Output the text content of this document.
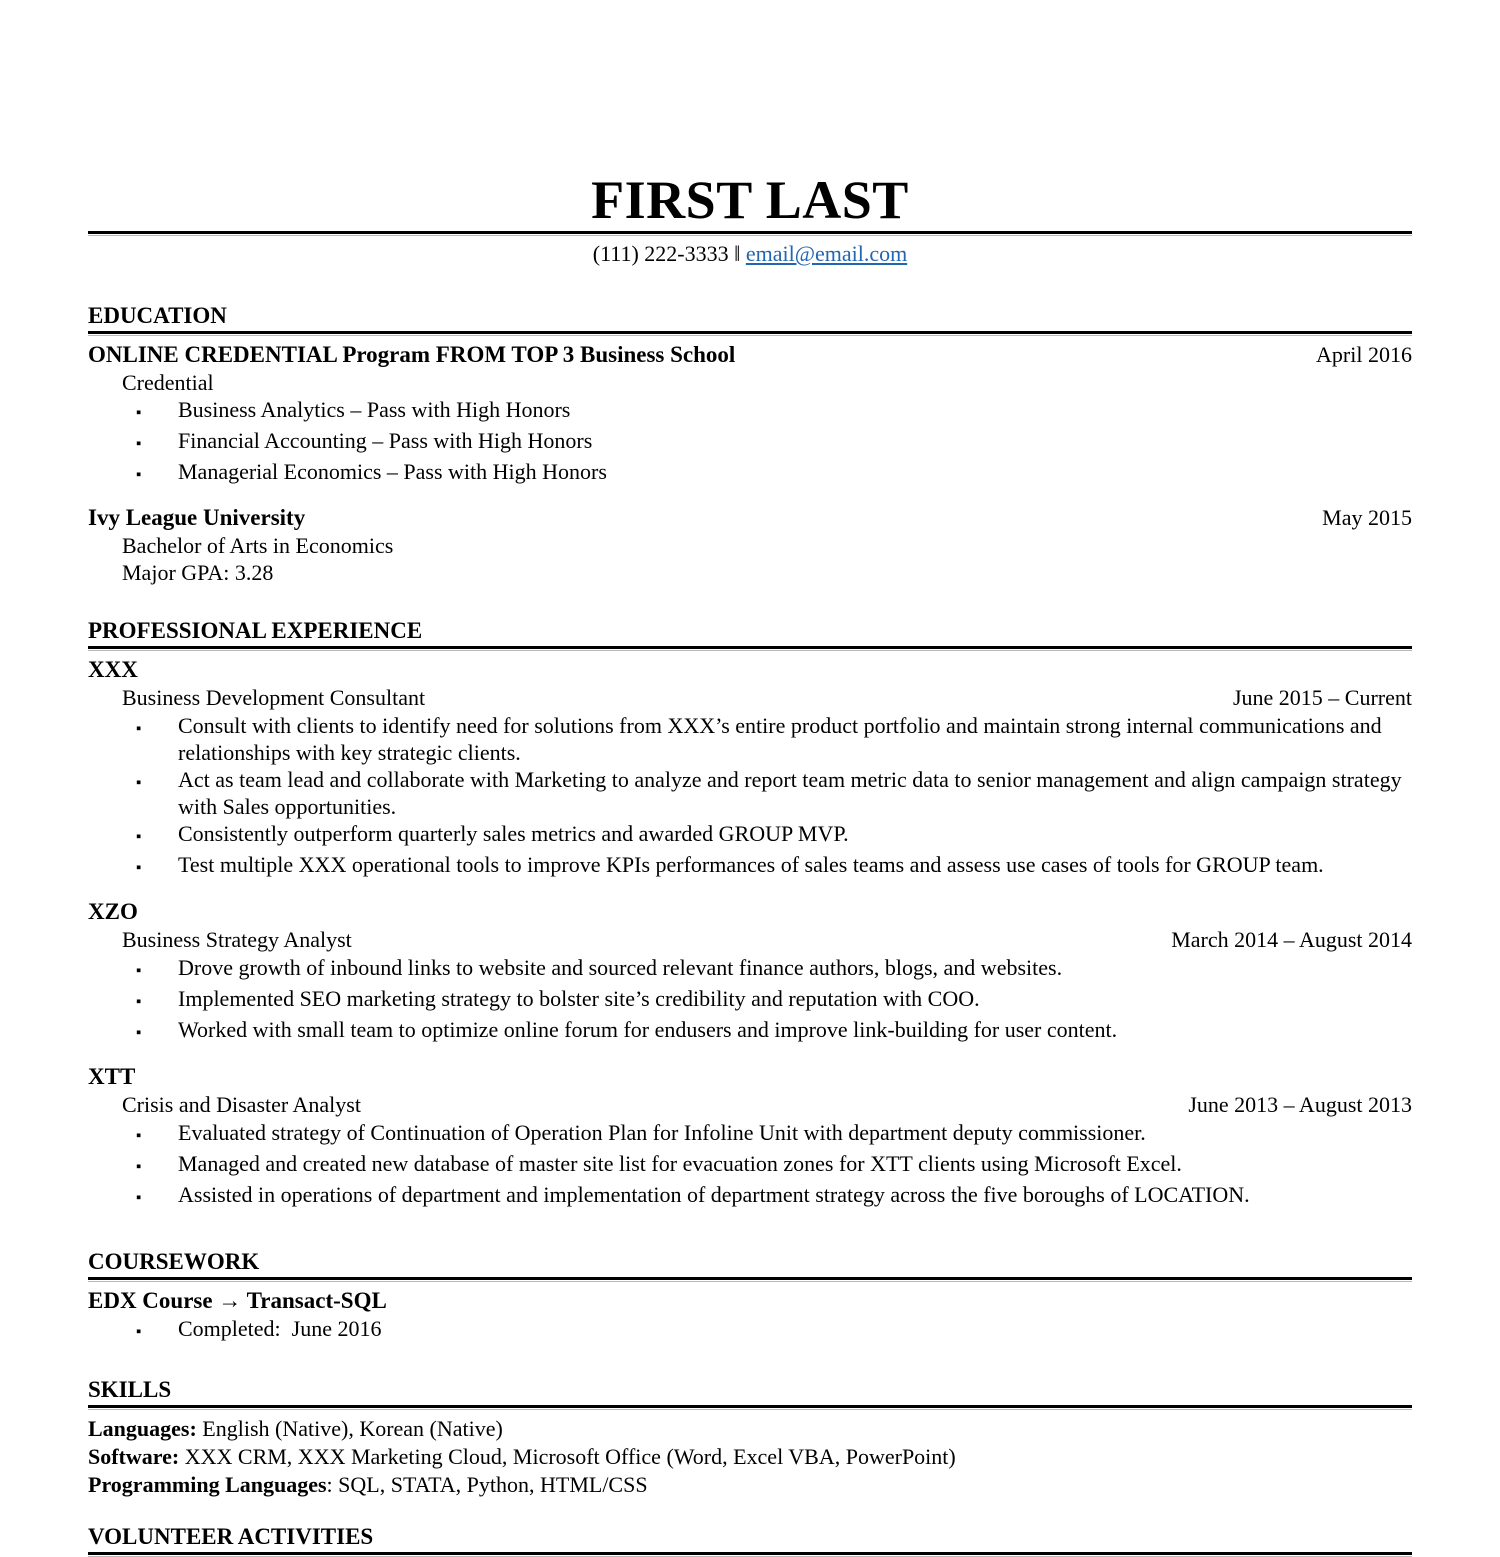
FIRST LAST
(111) 222-3333 ‖ email@email.com
EDUCATION
ONLINE CREDENTIAL Program FROM TOP 3 Business School	April 2016
Credential
▪
Business Analytics – Pass with High Honors
▪
Financial Accounting – Pass with High Honors
▪
Managerial Economics – Pass with High Honors
Ivy League University	May 2015
Bachelor of Arts in Economics
Major GPA: 3.28
PROFESSIONAL EXPERIENCE
XXX
Business Development Consultant	June 2015 – Current
▪
Consult with clients to identify need for solutions from XXX’s entire product portfolio and maintain strong internal communications and relationships with key strategic clients.
▪
Act as team lead and collaborate with Marketing to analyze and report team metric data to senior management and align campaign strategy with Sales opportunities.
▪
Consistently outperform quarterly sales metrics and awarded GROUP MVP.
▪
Test multiple XXX operational tools to improve KPIs performances of sales teams and assess use cases of tools for GROUP team.
XZO
Business Strategy Analyst	March 2014 – August 2014
▪
Drove growth of inbound links to website and sourced relevant finance authors, blogs, and websites.
▪
Implemented SEO marketing strategy to bolster site’s credibility and reputation with COO.
▪
Worked with small team to optimize online forum for endusers and improve link-building for user content.
XTT
Crisis and Disaster Analyst	June 2013 – August 2013
▪
Evaluated strategy of Continuation of Operation Plan for Infoline Unit with department deputy commissioner.
▪
Managed and created new database of master site list for evacuation zones for XTT clients using Microsoft Excel.
▪
Assisted in operations of department and implementation of department strategy across the five boroughs of LOCATION.
COURSEWORK
EDX Course → Transact-SQL
▪
Completed:  June 2016
SKILLS
Languages: English (Native), Korean (Native)
Software: XXX CRM, XXX Marketing Cloud, Microsoft Office (Word, Excel VBA, PowerPoint)
Programming Languages: SQL, STATA, Python, HTML/CSS
VOLUNTEER ACTIVITIES
